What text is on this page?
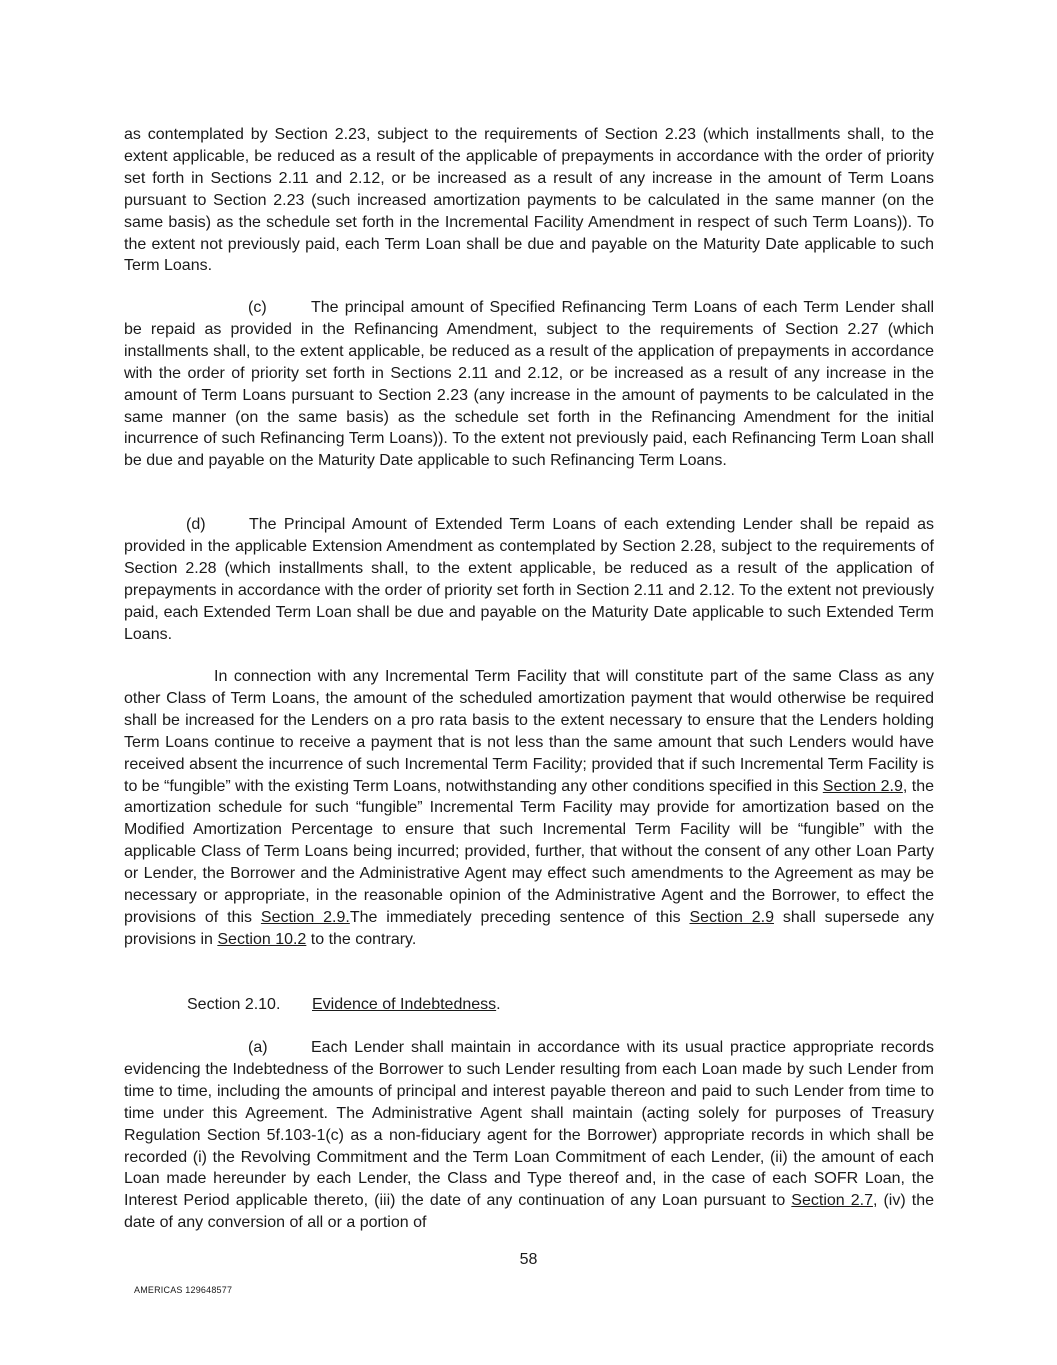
as contemplated by Section 2.23, subject to the requirements of Section 2.23 (which installments shall, to the extent applicable, be reduced as a result of the applicable of prepayments in accordance with the order of priority set forth in Sections 2.11 and 2.12, or be increased as a result of any increase in the amount of Term Loans pursuant to Section 2.23 (such increased amortization payments to be calculated in the same manner (on the same basis) as the schedule set forth in the Incremental Facility Amendment in respect of such Term Loans)). To the extent not previously paid, each Term Loan shall be due and payable on the Maturity Date applicable to such Term Loans.

(c)	The principal amount of Specified Refinancing Term Loans of each Term Lender shall be repaid as provided in the Refinancing Amendment, subject to the requirements of Section 2.27 (which installments shall, to the extent applicable, be reduced as a result of the application of prepayments in accordance with the order of priority set forth in Sections 2.11 and 2.12, or be increased as a result of any increase in the amount of Term Loans pursuant to Section 2.23 (any increase in the amount of payments to be calculated in the same manner (on the same basis) as the schedule set forth in the Refinancing Amendment for the initial incurrence of such Refinancing Term Loans)). To the extent not previously paid, each Refinancing Term Loan shall be due and payable on the Maturity Date applicable to such Refinancing Term Loans.

(d)	The Principal Amount of Extended Term Loans of each extending Lender shall be repaid as provided in the applicable Extension Amendment as contemplated by Section 2.28, subject to the requirements of Section 2.28 (which installments shall, to the extent applicable, be reduced as a result of the application of prepayments in accordance with the order of priority set forth in Section 2.11 and 2.12. To the extent not previously paid, each Extended Term Loan shall be due and payable on the Maturity Date applicable to such Extended Term Loans.

In connection with any Incremental Term Facility that will constitute part of the same Class as any other Class of Term Loans, the amount of the scheduled amortization payment that would otherwise be required shall be increased for the Lenders on a pro rata basis to the extent necessary to ensure that the Lenders holding Term Loans continue to receive a payment that is not less than the same amount that such Lenders would have received absent the incurrence of such Incremental Term Facility; provided that if such Incremental Term Facility is to be “fungible” with the existing Term Loans, notwithstanding any other conditions specified in this Section 2.9, the amortization schedule for such “fungible” Incremental Term Facility may provide for amortization based on the Modified Amortization Percentage to ensure that such Incremental Term Facility will be “fungible” with the applicable Class of Term Loans being incurred; provided, further, that without the consent of any other Loan Party or Lender, the Borrower and the Administrative Agent may effect such amendments to the Agreement as may be necessary or appropriate, in the reasonable opinion of the Administrative Agent and the Borrower, to effect the provisions of this Section 2.9.The immediately preceding sentence of this Section 2.9 shall supersede any provisions in Section 10.2 to the contrary.

Section 2.10. Evidence of Indebtedness.

(a)	Each Lender shall maintain in accordance with its usual practice appropriate records evidencing the Indebtedness of the Borrower to such Lender resulting from each Loan made by such Lender from time to time, including the amounts of principal and interest payable thereon and paid to such Lender from time to time under this Agreement. The Administrative Agent shall maintain (acting solely for purposes of Treasury Regulation Section 5f.103-1(c) as a non-fiduciary agent for the Borrower) appropriate records in which shall be recorded (i) the Revolving Commitment and the Term Loan Commitment of each Lender, (ii) the amount of each Loan made hereunder by each Lender, the Class and Type thereof and, in the case of each SOFR Loan, the Interest Period applicable thereto, (iii) the date of any continuation of any Loan pursuant to Section 2.7, (iv) the date of any conversion of all or a portion of

58
AMERICAS 129648577
